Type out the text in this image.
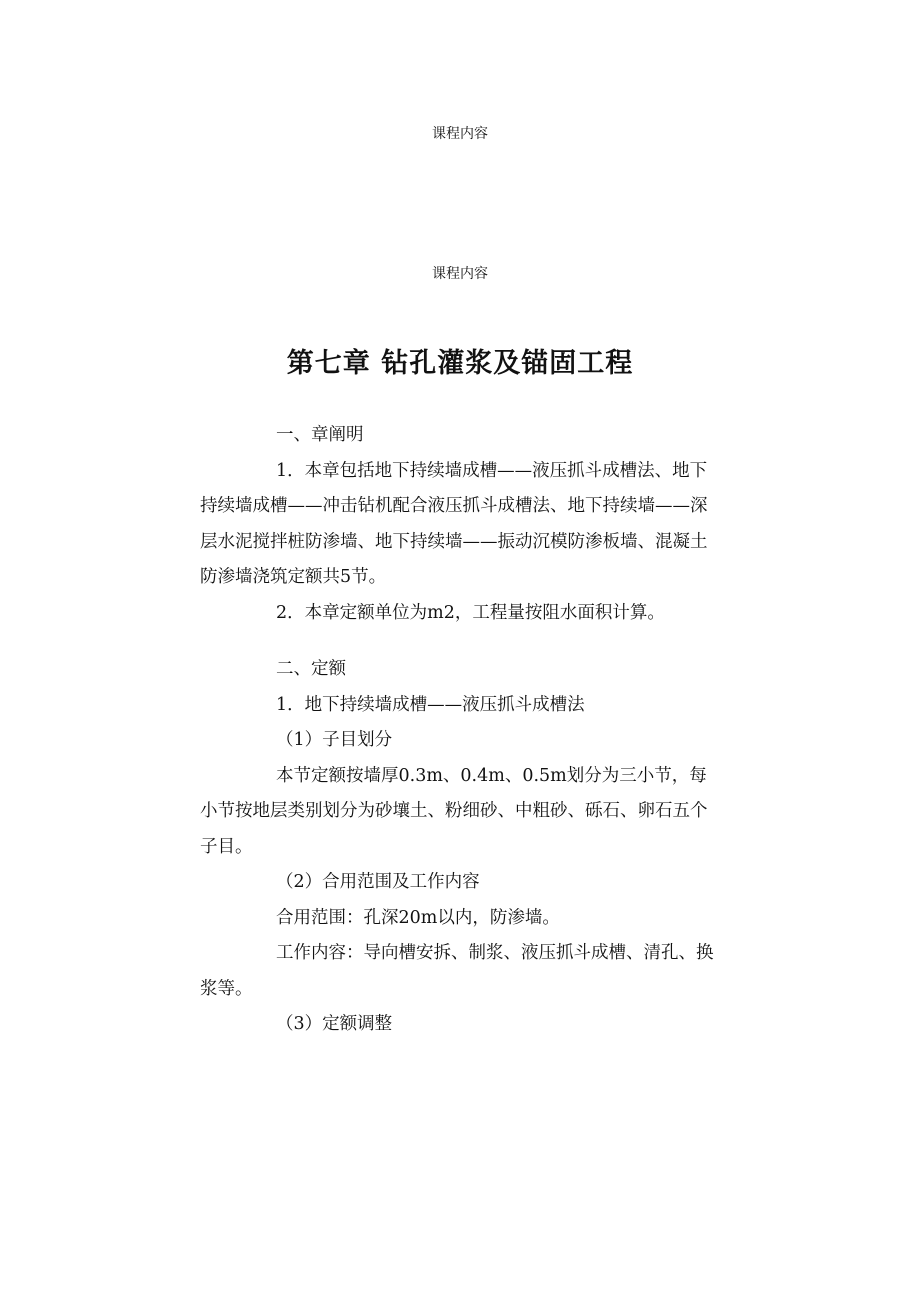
课程内容
课程内容
第七章 钻孔灌浆及锚固工程

一、章阐明

1．本章包括地下持续墙成槽——液压抓斗成槽法、地下持续墙成槽——冲击钻机配合液压抓斗成槽法、地下持续墙——深层水泥搅拌桩防渗墙、地下持续墙——振动沉模防渗板墙、混凝土防渗墙浇筑定额共5节。

2．本章定额单位为m2，工程量按阻水面积计算。

二、定额

1．地下持续墙成槽——液压抓斗成槽法

（1）子目划分

本节定额按墙厚0.3m、0.4m、0.5m划分为三小节，每小节按地层类别划分为砂壤土、粉细砂、中粗砂、砾石、卵石五个子目。

（2）合用范围及工作内容

合用范围：孔深20m以内，防渗墙。

工作内容：导向槽安拆、制浆、液压抓斗成槽、清孔、换浆等。

（3）定额调整
